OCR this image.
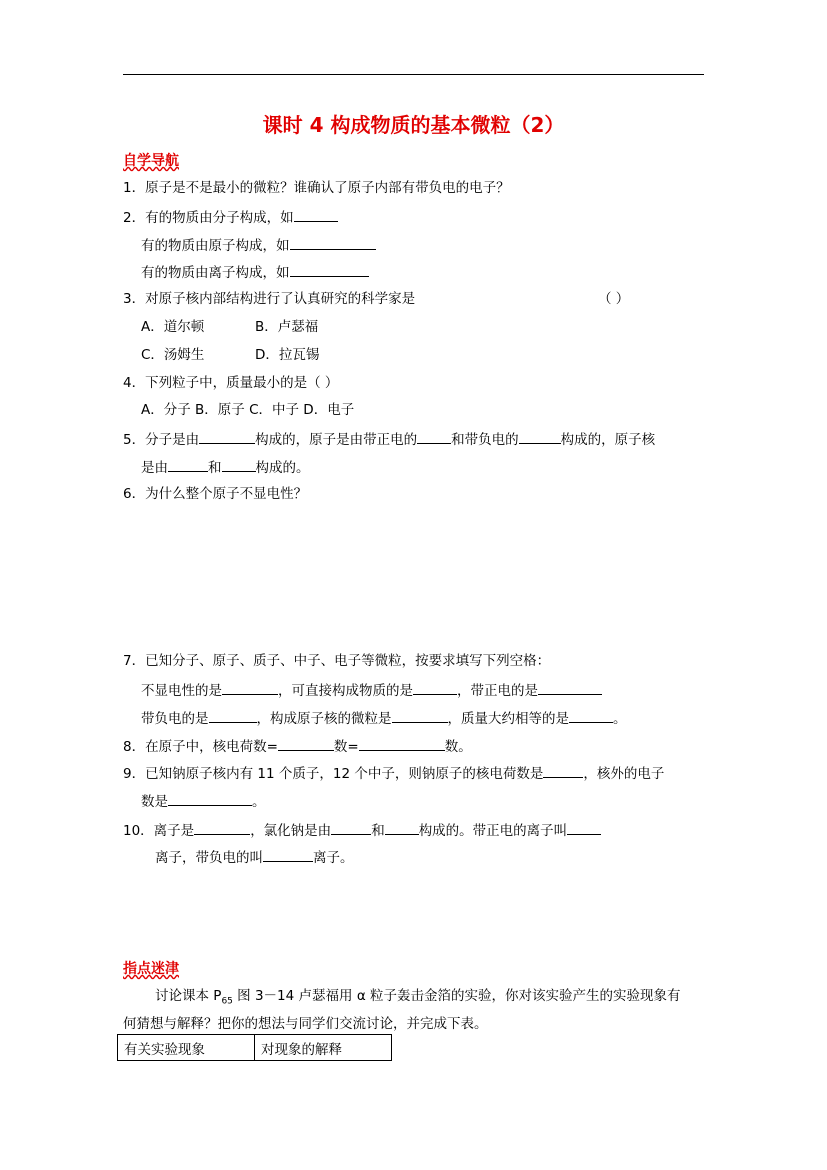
课时 4 构成物质的基本微粒（2）
自学导航
1．原子是不是最小的微粒？谁确认了原子内部有带负电的电子？
2．有的物质由分子构成，如
有的物质由原子构成，如
有的物质由离子构成，如
3．对原子核内部结构进行了认真研究的科学家是	（ ）
A．道尔顿	B．卢瑟福
C．汤姆生	D．拉瓦锡
4．下列粒子中，质量最小的是（ ）
A．分子 B．原子 C．中子 D．电子
5．分子是由	构成的，原子是由带正电的	和带负电的	构成的，原子核
是由	和	构成的。
6．为什么整个原子不显电性？
7．已知分子、原子、质子、中子、电子等微粒，按要求填写下列空格：
不显电性的是	，可直接构成物质的是	，带正电的是
带负电的是	，构成原子核的微粒是	，质量大约相等的是	。
8．在原子中，核电荷数=	数=	数。
9．已知钠原子核内有 11 个质子，12 个中子，则钠原子的核电荷数是	，核外的电子
数是	。
10．离子是	，氯化钠是由	和	构成的。带正电的离子叫
离子，带负电的叫	离子。
指点迷津
讨论课本 $P_{65}$ 图 3－14 卢瑟福用 α 粒子轰击金箔的实验，你对该实验产生的实验现象有
何猜想与解释？把你的想法与同学们交流讨论，并完成下表。
有关实验现象	对现象的解释
